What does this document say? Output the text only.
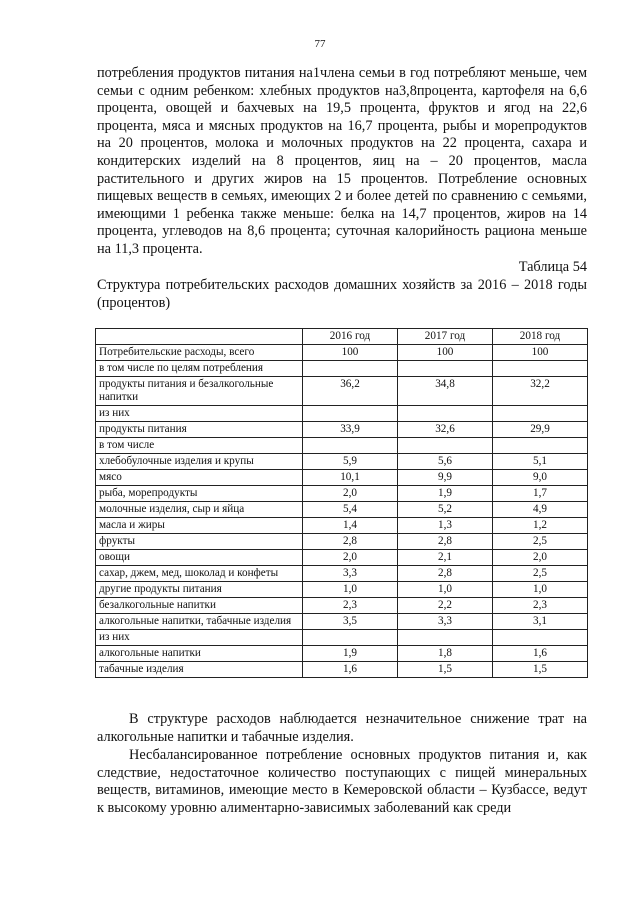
77

потребления продуктов питания на1члена семьи в год потребляют меньше, чем семьи с одним ребенком: хлебных продуктов на3,8процента, картофеля на 6,6 процента, овощей и бахчевых на 19,5 процента, фруктов и ягод на 22,6 процента, мяса и мясных продуктов на 16,7 процента, рыбы и морепродуктов на 20 процентов, молока и молочных продуктов на 22 процента, сахара и кондитерских изделий на 8 процентов, яиц на – 20 процентов, масла растительного и других жиров на 15 процентов. Потребление основных пищевых веществ в семьях, имеющих 2 и более детей по сравнению с семьями, имеющими 1 ребенка также меньше: белка на 14,7 процентов, жиров на 14 процента, углеводов на 8,6 процента; суточная калорийность рациона меньше на 11,3 процента.

Таблица 54

Структура потребительских расходов домашних хозяйств за 2016 – 2018 годы (процентов)

	2016 год	2017 год	2018 год
Потребительские расходы, всего	100	100	100
в том числе по целям потребления			
продукты питания и безалкогольные напитки	36,2	34,8	32,2
из них			
продукты питания	33,9	32,6	29,9
в том числе			
хлебобулочные изделия и крупы	5,9	5,6	5,1
мясо	10,1	9,9	9,0
рыба, морепродукты	2,0	1,9	1,7
молочные изделия, сыр и яйца	5,4	5,2	4,9
масла и жиры	1,4	1,3	1,2
фрукты	2,8	2,8	2,5
овощи	2,0	2,1	2,0
сахар, джем, мед, шоколад и конфеты	3,3	2,8	2,5
другие продукты питания	1,0	1,0	1,0
безалкогольные напитки	2,3	2,2	2,3
алкогольные напитки, табачные изделия	3,5	3,3	3,1
из них			
алкогольные напитки	1,9	1,8	1,6
табачные изделия	1,6	1,5	1,5

В структуре расходов наблюдается незначительное снижение трат на алкогольные напитки и табачные изделия.

Несбалансированное потребление основных продуктов питания и, как следствие, недостаточное количество поступающих с пищей минеральных веществ, витаминов, имеющие место в Кемеровской области – Кузбассе, ведут к высокому уровню алиментарно-зависимых заболеваний как среди
